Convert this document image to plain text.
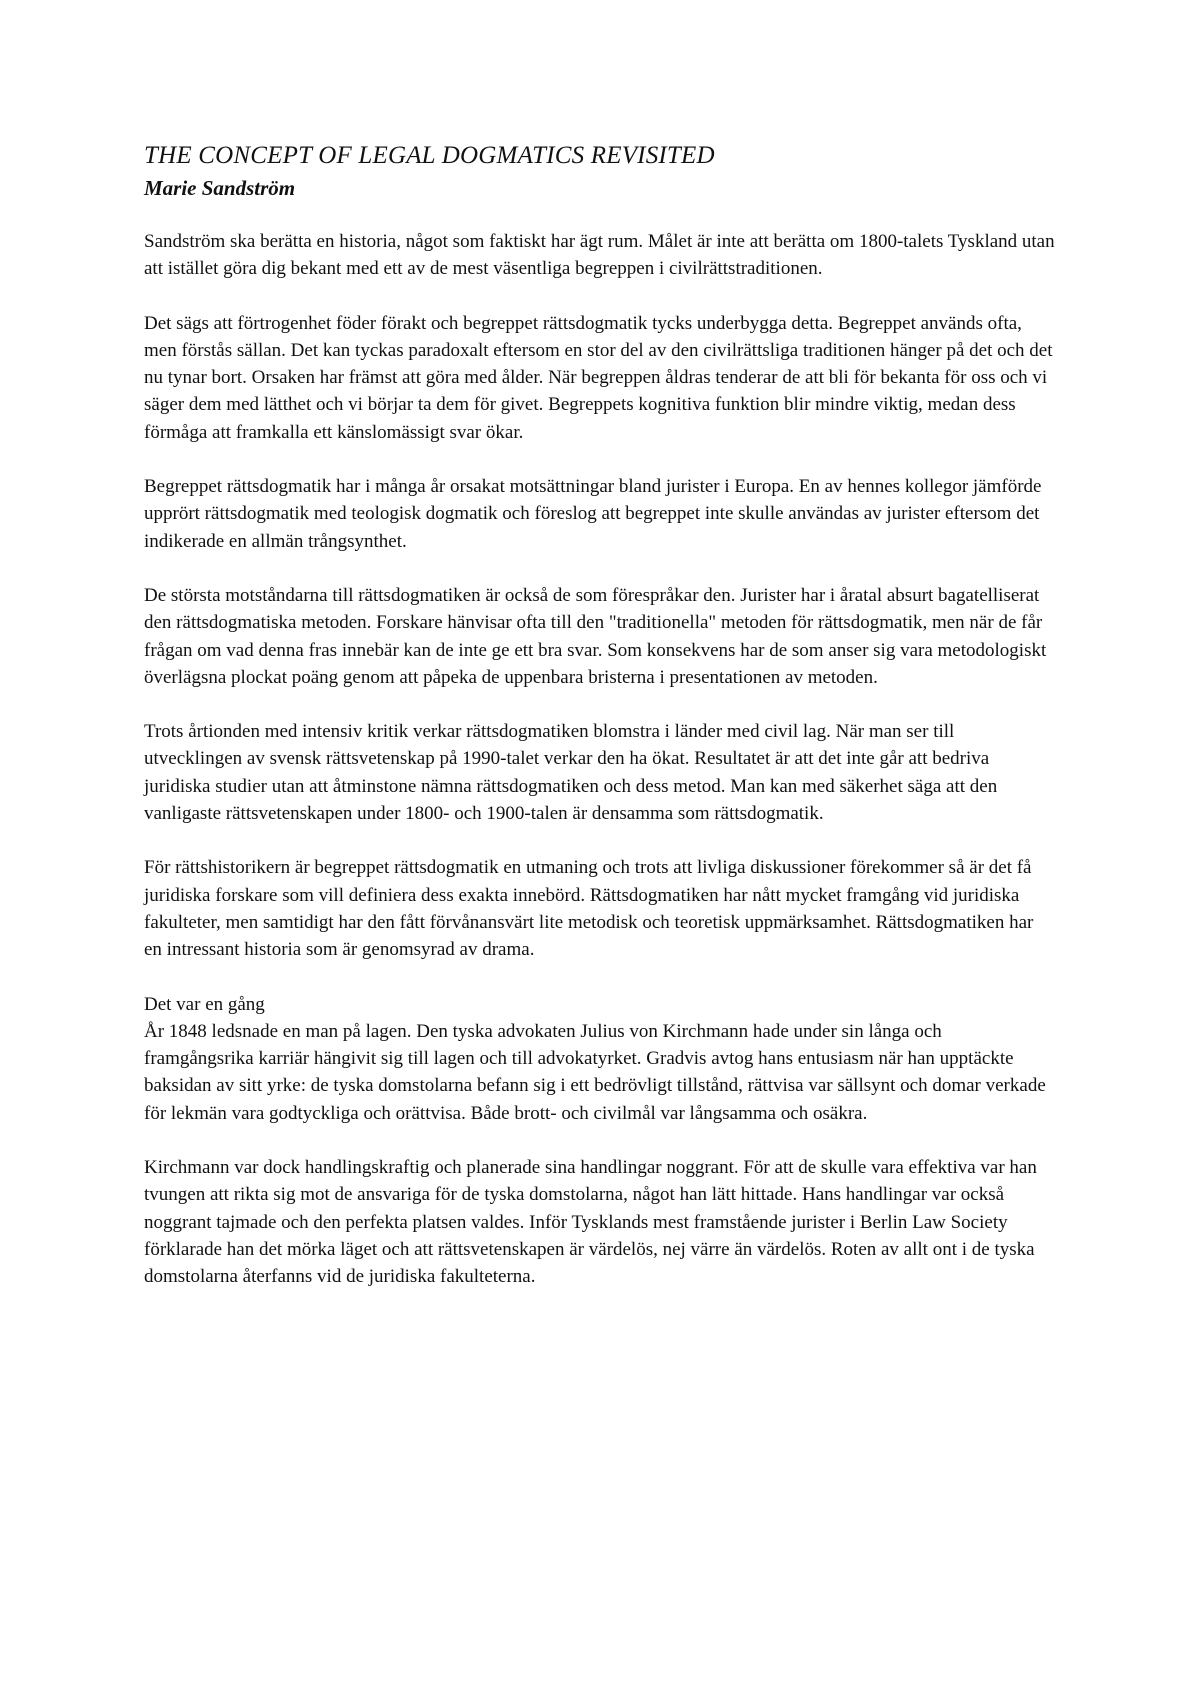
THE CONCEPT OF LEGAL DOGMATICS REVISITED
Marie Sandström

Sandström ska berätta en historia, något som faktiskt har ägt rum. Målet är inte att berätta om 1800-talets Tyskland utan att istället göra dig bekant med ett av de mest väsentliga begreppen i civilrättstraditionen.

Det sägs att förtrogenhet föder förakt och begreppet rättsdogmatik tycks underbygga detta. Begreppet används ofta, men förstås sällan. Det kan tyckas paradoxalt eftersom en stor del av den civilrättsliga traditionen hänger på det och det nu tynar bort. Orsaken har främst att göra med ålder. När begreppen åldras tenderar de att bli för bekanta för oss och vi säger dem med lätthet och vi börjar ta dem för givet. Begreppets kognitiva funktion blir mindre viktig, medan dess förmåga att framkalla ett känslomässigt svar ökar.

Begreppet rättsdogmatik har i många år orsakat motsättningar bland jurister i Europa. En av hennes kollegor jämförde upprört rättsdogmatik med teologisk dogmatik och föreslog att begreppet inte skulle användas av jurister eftersom det indikerade en allmän trångsynthet.

De största motståndarna till rättsdogmatiken är också de som förespråkar den. Jurister har i åratal absurt bagatelliserat den rättsdogmatiska metoden. Forskare hänvisar ofta till den "traditionella" metoden för rättsdogmatik, men när de får frågan om vad denna fras innebär kan de inte ge ett bra svar. Som konsekvens har de som anser sig vara metodologiskt överlägsna plockat poäng genom att påpeka de uppenbara bristerna i presentationen av metoden.

Trots årtionden med intensiv kritik verkar rättsdogmatiken blomstra i länder med civil lag. När man ser till utvecklingen av svensk rättsvetenskap på 1990-talet verkar den ha ökat. Resultatet är att det inte går att bedriva juridiska studier utan att åtminstone nämna rättsdogmatiken och dess metod. Man kan med säkerhet säga att den vanligaste rättsvetenskapen under 1800- och 1900-talen är densamma som rättsdogmatik.

För rättshistorikern är begreppet rättsdogmatik en utmaning och trots att livliga diskussioner förekommer så är det få juridiska forskare som vill definiera dess exakta innebörd. Rättsdogmatiken har nått mycket framgång vid juridiska fakulteter, men samtidigt har den fått förvånansvärt lite metodisk och teoretisk uppmärksamhet. Rättsdogmatiken har en intressant historia som är genomsyrad av drama.

Det var en gång

År 1848 ledsnade en man på lagen. Den tyska advokaten Julius von Kirchmann hade under sin långa och framgångsrika karriär hängivit sig till lagen och till advokatyrket. Gradvis avtog hans entusiasm när han upptäckte baksidan av sitt yrke: de tyska domstolarna befann sig i ett bedrövligt tillstånd, rättvisa var sällsynt och domar verkade för lekmän vara godtyckliga och orättvisa. Både brott- och civilmål var långsamma och osäkra.

Kirchmann var dock handlingskraftig och planerade sina handlingar noggrant. För att de skulle vara effektiva var han tvungen att rikta sig mot de ansvariga för de tyska domstolarna, något han lätt hittade. Hans handlingar var också noggrant tajmade och den perfekta platsen valdes. Inför Tysklands mest framstående jurister i Berlin Law Society förklarade han det mörka läget och att rättsvetenskapen är värdelös, nej värre än värdelös. Roten av allt ont i de tyska domstolarna återfanns vid de juridiska fakulteterna.
